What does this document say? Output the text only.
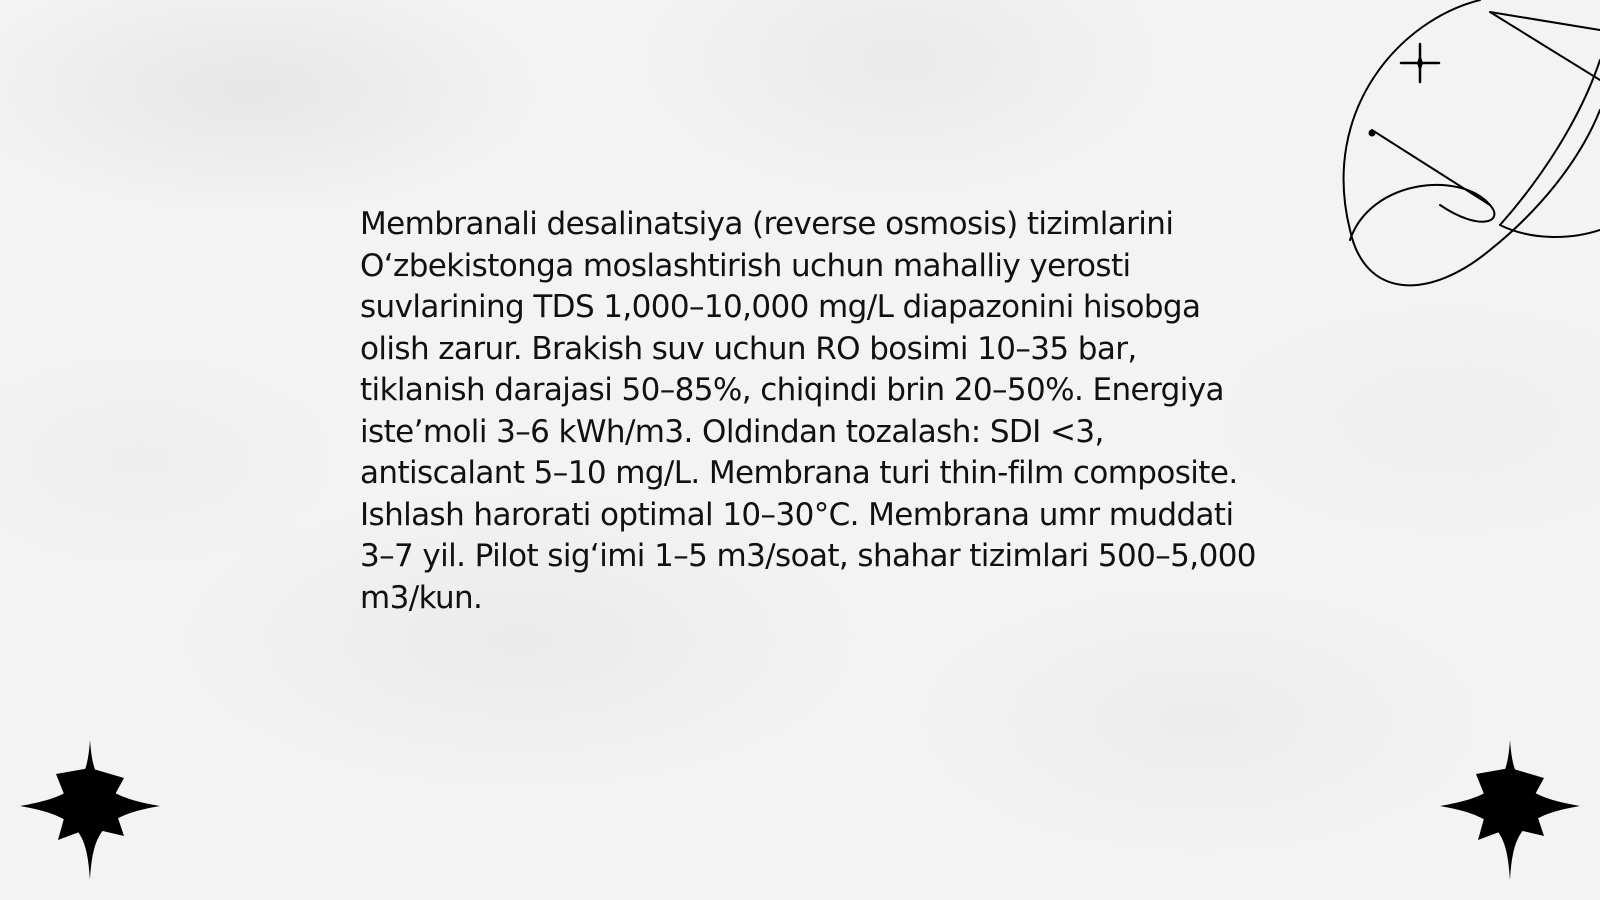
Membranali desalinatsiya (reverse osmosis) tizimlarini O‘zbekistonga moslashtirish uchun mahalliy yerosti suvlarining TDS 1,000–10,000 mg/L diapazonini hisobga olish zarur. Brakish suv uchun RO bosimi 10–35 bar, tiklanish darajasi 50–85%, chiqindi brin 20–50%. Energiya iste’moli 3–6 kWh/m3. Oldindan tozalash: SDI <3, antiscalant 5–10 mg/L. Membrana turi thin-film composite. Ishlash harorati optimal 10–30°C. Membrana umr muddati 3–7 yil. Pilot sig‘imi 1–5 m3/soat, shahar tizimlari 500–5,000 m3/kun.
